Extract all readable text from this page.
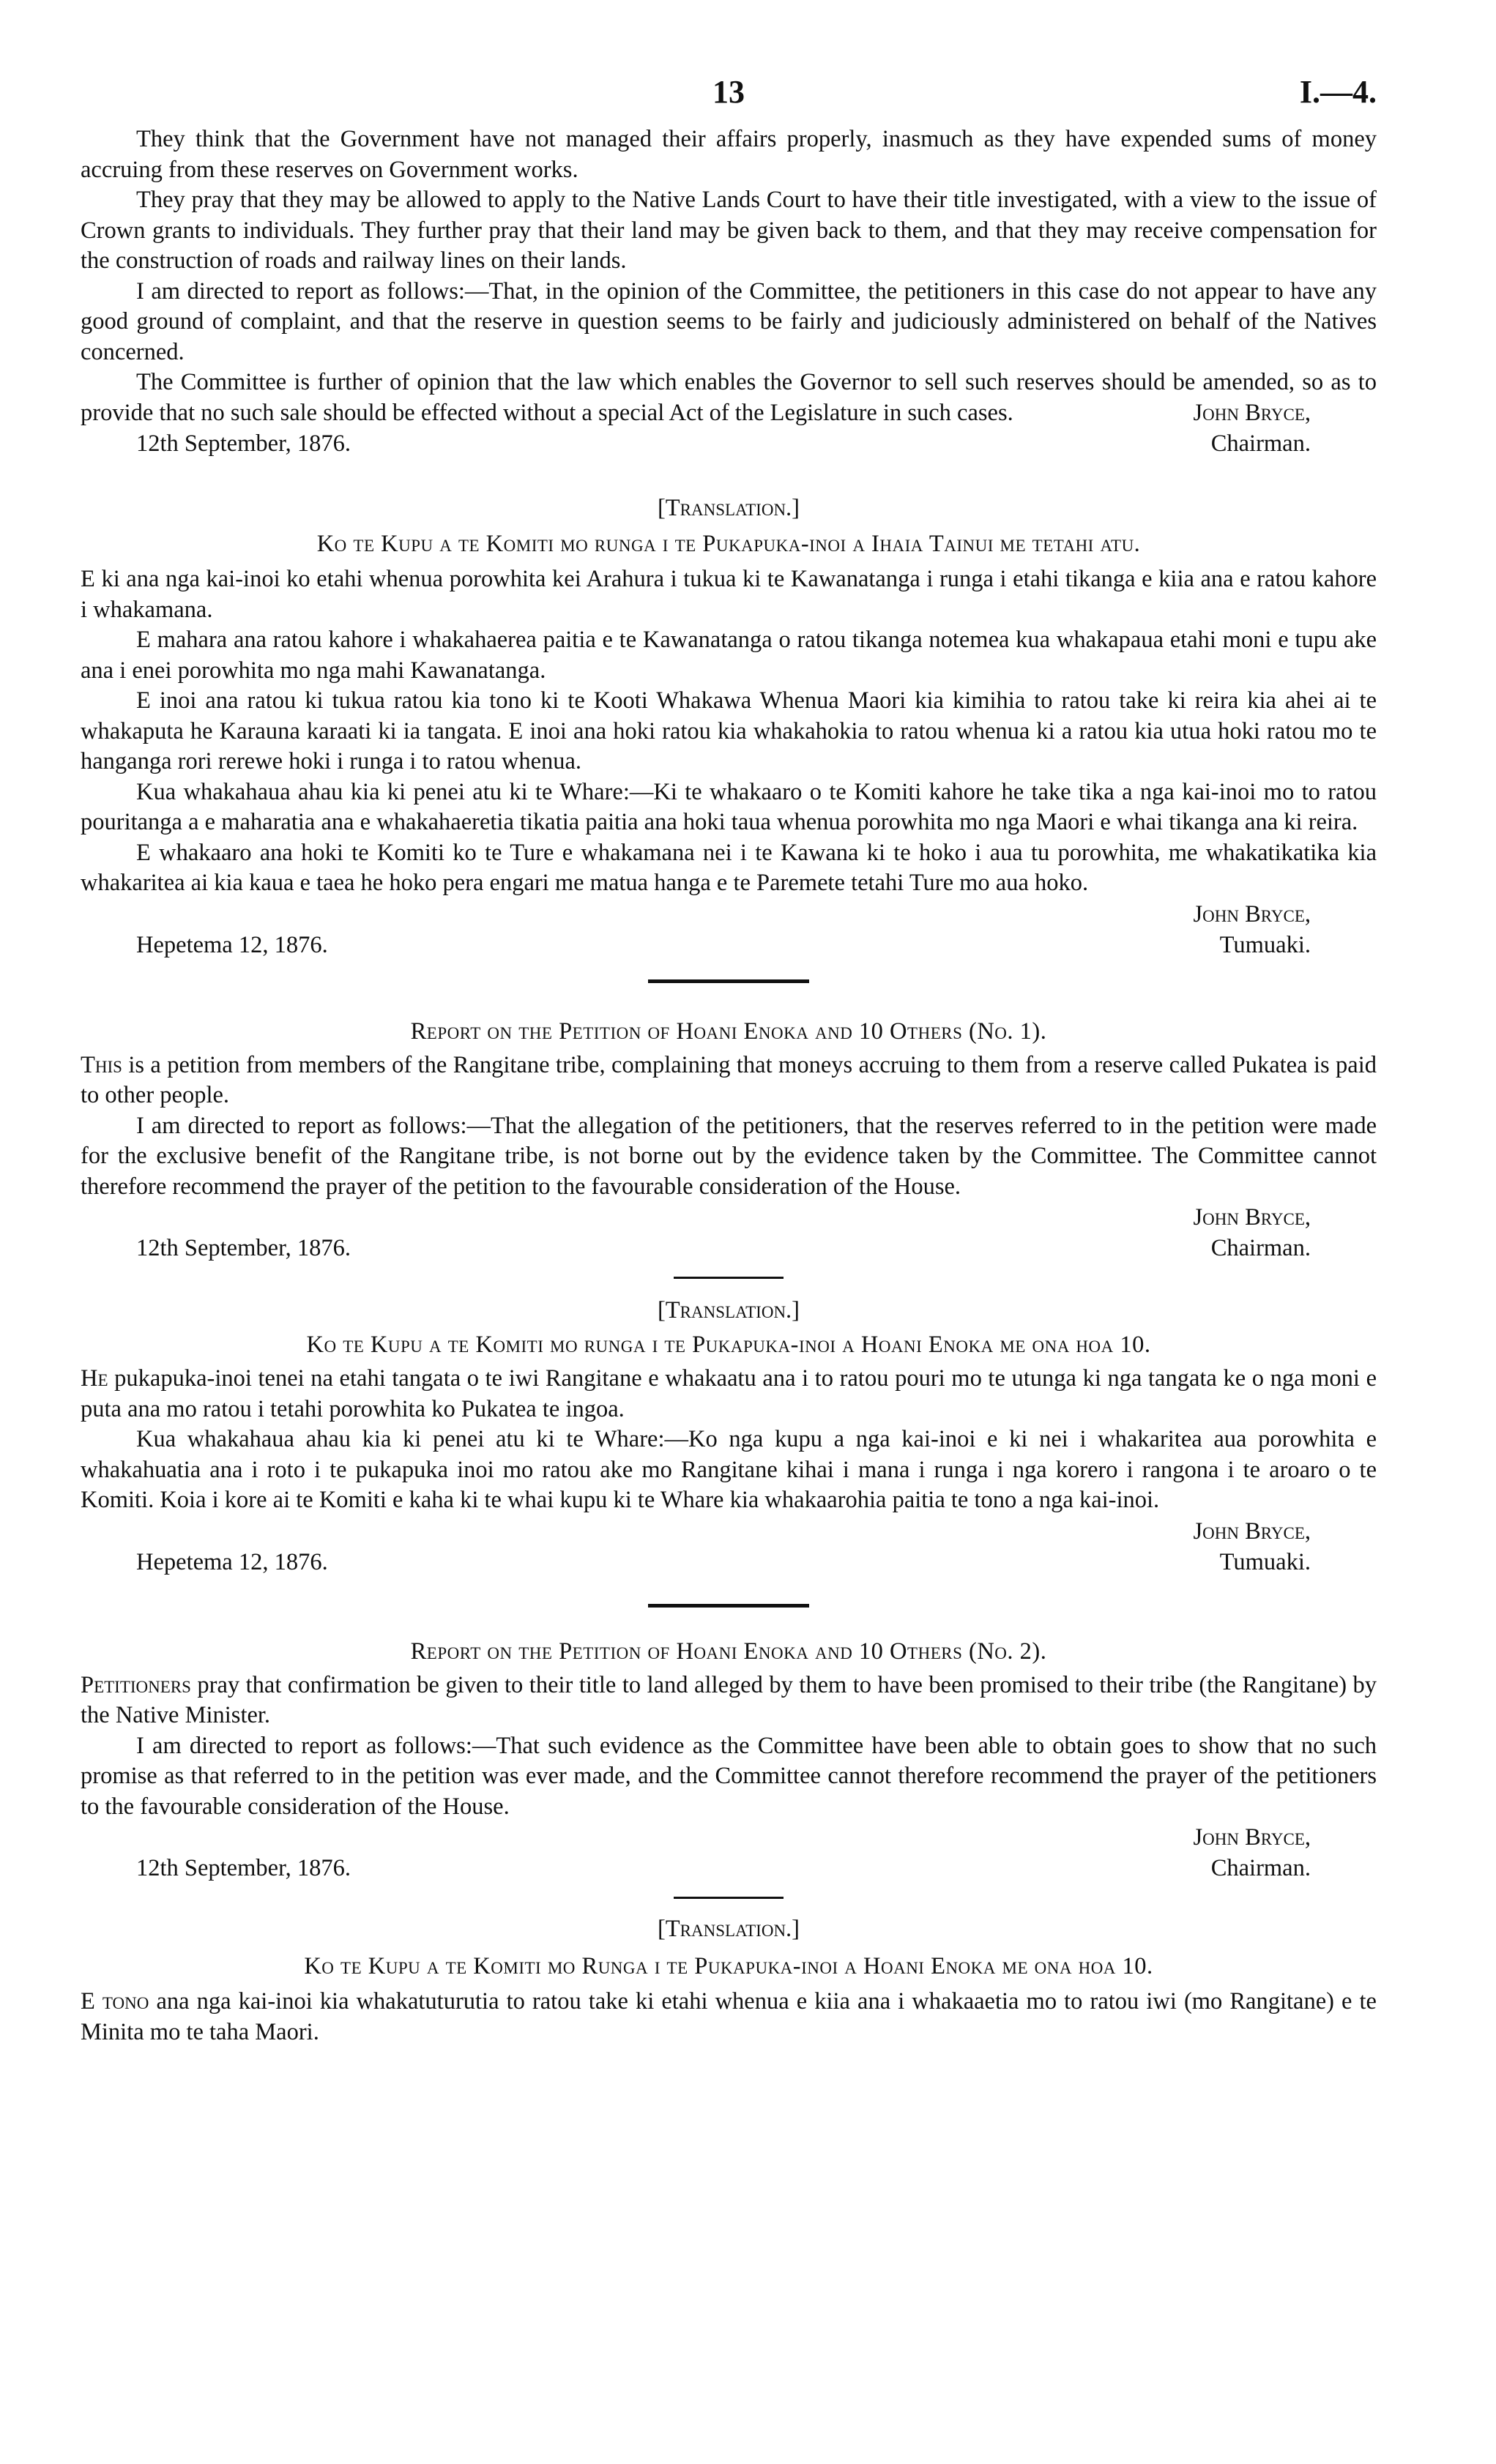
13	I.—4.

They think that the Government have not managed their affairs properly, inasmuch as they have expended sums of money accruing from these reserves on Government works.

They pray that they may be allowed to apply to the Native Lands Court to have their title investigated, with a view to the issue of Crown grants to individuals. They further pray that their land may be given back to them, and that they may receive compensation for the construction of roads and railway lines on their lands.

I am directed to report as follows:—That, in the opinion of the Committee, the petitioners in this case do not appear to have any good ground of complaint, and that the reserve in question seems to be fairly and judiciously administered on behalf of the Natives concerned.

The Committee is further of opinion that the law which enables the Governor to sell such reserves should be amended, so as to provide that no such sale should be effected without a special Act of the Legislature in such cases.	John Bryce,
12th September, 1876.	Chairman.
[Translation.]
Ko te Kupu a te Komiti mo runga i te Pukapuka-inoi a Ihaia Tainui me tetahi atu.

E ki ana nga kai-inoi ko etahi whenua porowhita kei Arahura i tukua ki te Kawanatanga i runga i etahi tikanga e kiia ana e ratou kahore i whakamana.

E mahara ana ratou kahore i whakahaerea paitia e te Kawanatanga o ratou tikanga notemea kua whakapaua etahi moni e tupu ake ana i enei porowhita mo nga mahi Kawanatanga.

E inoi ana ratou ki tukua ratou kia tono ki te Kooti Whakawa Whenua Maori kia kimihia to ratou take ki reira kia ahei ai te whakaputa he Karauna karaati ki ia tangata. E inoi ana hoki ratou kia whakahokia to ratou whenua ki a ratou kia utua hoki ratou mo te hanganga rori rerewe hoki i runga i to ratou whenua.

Kua whakahaua ahau kia ki penei atu ki te Whare:—Ki te whakaaro o te Komiti kahore he take tika a nga kai-inoi mo to ratou pouritanga a e maharatia ana e whakahaeretia tikatia paitia ana hoki taua whenua porowhita mo nga Maori e whai tikanga ana ki reira.

E whakaaro ana hoki te Komiti ko te Ture e whakamana nei i te Kawana ki te hoko i aua tu porowhita, me whakatikatika kia whakaritea ai kia kaua e taea he hoko pera engari me matua hanga e te Paremete tetahi Ture mo aua hoko.

John Bryce,
Hepetema 12, 1876.	Tumuaki.
Report on the Petition of Hoani Enoka and 10 Others (No. 1).

This is a petition from members of the Rangitane tribe, complaining that moneys accruing to them from a reserve called Pukatea is paid to other people.

I am directed to report as follows:—That the allegation of the petitioners, that the reserves referred to in the petition were made for the exclusive benefit of the Rangitane tribe, is not borne out by the evidence taken by the Committee. The Committee cannot therefore recommend the prayer of the petition to the favourable consideration of the House.

John Bryce,
12th September, 1876.	Chairman.
[Translation.]
Ko te Kupu a te Komiti mo runga i te Pukapuka-inoi a Hoani Enoka me ona hoa 10.

He pukapuka-inoi tenei na etahi tangata o te iwi Rangitane e whakaatu ana i to ratou pouri mo te utunga ki nga tangata ke o nga moni e puta ana mo ratou i tetahi porowhita ko Pukatea te ingoa.

Kua whakahaua ahau kia ki penei atu ki te Whare:—Ko nga kupu a nga kai-inoi e ki nei i whakaritea aua porowhita e whakahuatia ana i roto i te pukapuka inoi mo ratou ake mo Rangitane kihai i mana i runga i nga korero i rangona i te aroaro o te Komiti. Koia i kore ai te Komiti e kaha ki te whai kupu ki te Whare kia whakaarohia paitia te tono a nga kai-inoi.

John Bryce,
Hepetema 12, 1876.	Tumuaki.
Report on the Petition of Hoani Enoka and 10 Others (No. 2).

Petitioners pray that confirmation be given to their title to land alleged by them to have been promised to their tribe (the Rangitane) by the Native Minister.

I am directed to report as follows:—That such evidence as the Committee have been able to obtain goes to show that no such promise as that referred to in the petition was ever made, and the Committee cannot therefore recommend the prayer of the petitioners to the favourable consideration of the House.

John Bryce,
12th September, 1876.	Chairman.
[Translation.]
Ko te Kupu a te Komiti mo Runga i te Pukapuka-inoi a Hoani Enoka me ona hoa 10.

E tono ana nga kai-inoi kia whakatuturutia to ratou take ki etahi whenua e kiia ana i whakaaetia mo to ratou iwi (mo Rangitane) e te Minita mo te taha Maori.
